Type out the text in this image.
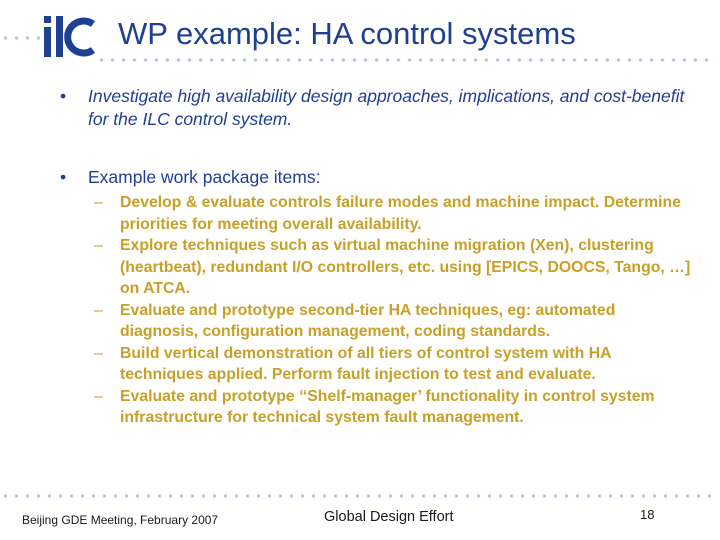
WP example: HA control systems
• Investigate high availability design approaches, implications, and cost-benefit for the ILC control system.
• Example work package items:
– Develop & evaluate controls failure modes and machine impact. Determine priorities for meeting overall availability.
– Explore techniques such as virtual machine migration (Xen), clustering (heartbeat), redundant I/O controllers, etc. using [EPICS, DOOCS, Tango, …] on ATCA.
– Evaluate and prototype second-tier HA techniques, eg: automated diagnosis, configuration management, coding standards.
– Build vertical demonstration of all tiers of control system with HA techniques applied. Perform fault injection to test and evaluate.
– Evaluate and prototype ‘‘Shelf-manager’ functionality in control system infrastructure for technical system fault management.
Beijing GDE Meeting, February 2007	Global Design Effort	18
